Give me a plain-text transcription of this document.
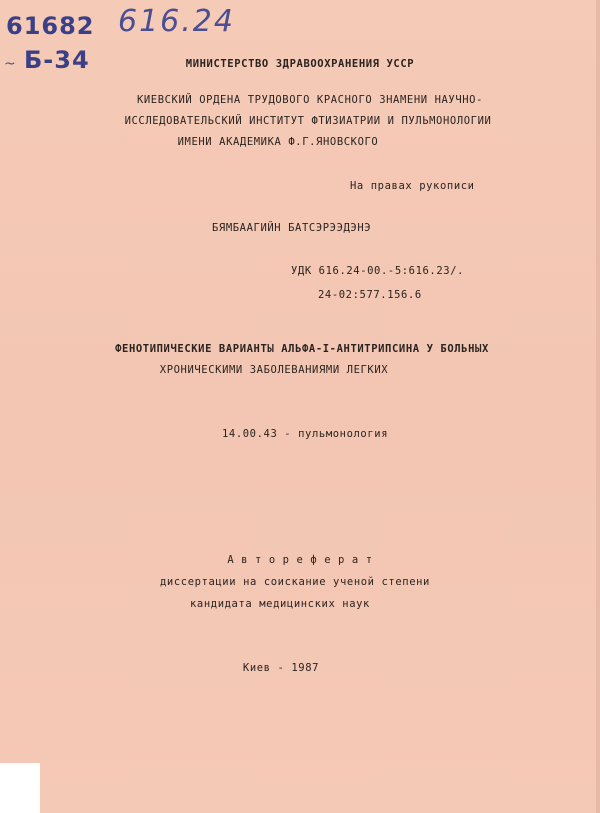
61682 616.24
~ Б-34	МИНИСТЕРСТВО ЗДРАВООХРАНЕНИЯ УССР
КИЕВСКИЙ ОРДЕНА ТРУДОВОГО КРАСНОГО ЗНАМЕНИ НАУЧНО-
ИССЛЕДОВАТЕЛЬСКИЙ ИНСТИТУТ ФТИЗИАТРИИ И ПУЛЬМОНОЛОГИИ
ИМЕНИ АКАДЕМИКА Ф.Г.ЯНОВСКОГО
На правах рукописи
БЯМБААГИЙН БАТСЭРЭЭДЭНЭ
УДК 616.24-00.-5:616.23/.
24-02:577.156.6
ФЕНОТИПИЧЕСКИЕ ВАРИАНТЫ АЛЬФА-I-АНТИТРИПСИНА У БОЛЬНЫХ
ХРОНИЧЕСКИМИ ЗАБОЛЕВАНИЯМИ ЛЕГКИХ
14.00.43 - пульмонология
А в т о р е ф е р а т
диссертации на соискание ученой степени
кандидата медицинских наук
Киев - 1987
